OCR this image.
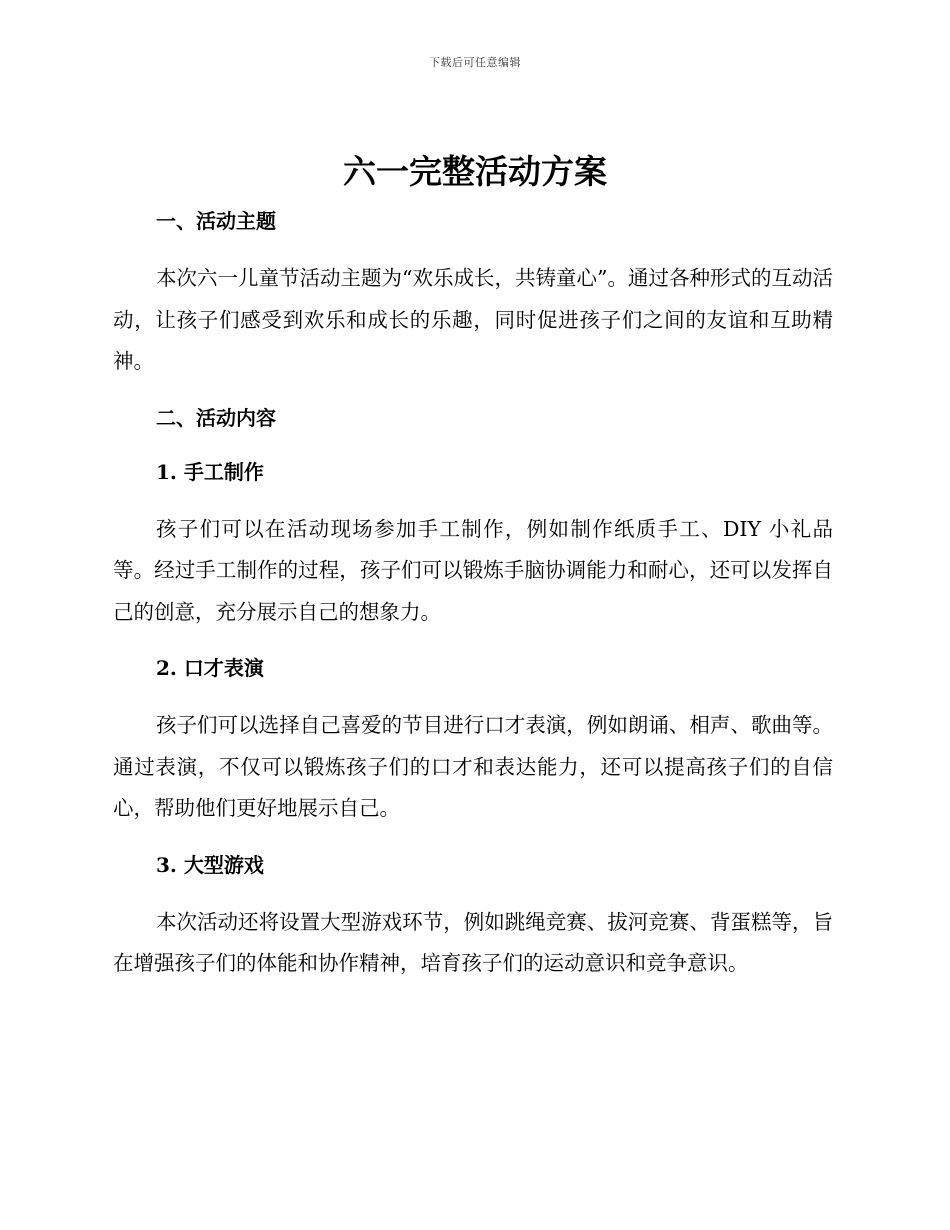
下载后可任意编辑
六一完整活动方案
一、活动主题

本次六一儿童节活动主题为“欢乐成长，共铸童心”。通过各种形式的互动活动，让孩子们感受到欢乐和成长的乐趣，同时促进孩子们之间的友谊和互助精神。

二、活动内容
1. 手工制作

孩子们可以在活动现场参加手工制作，例如制作纸质手工、DIY 小礼品等。经过手工制作的过程，孩子们可以锻炼手脑协调能力和耐心，还可以发挥自己的创意，充分展示自己的想象力。

2. 口才表演

孩子们可以选择自己喜爱的节目进行口才表演，例如朗诵、相声、歌曲等。通过表演，不仅可以锻炼孩子们的口才和表达能力，还可以提高孩子们的自信心，帮助他们更好地展示自己。

3. 大型游戏

本次活动还将设置大型游戏环节，例如跳绳竞赛、拔河竞赛、背蛋糕等，旨在增强孩子们的体能和协作精神，培育孩子们的运动意识和竞争意识。
